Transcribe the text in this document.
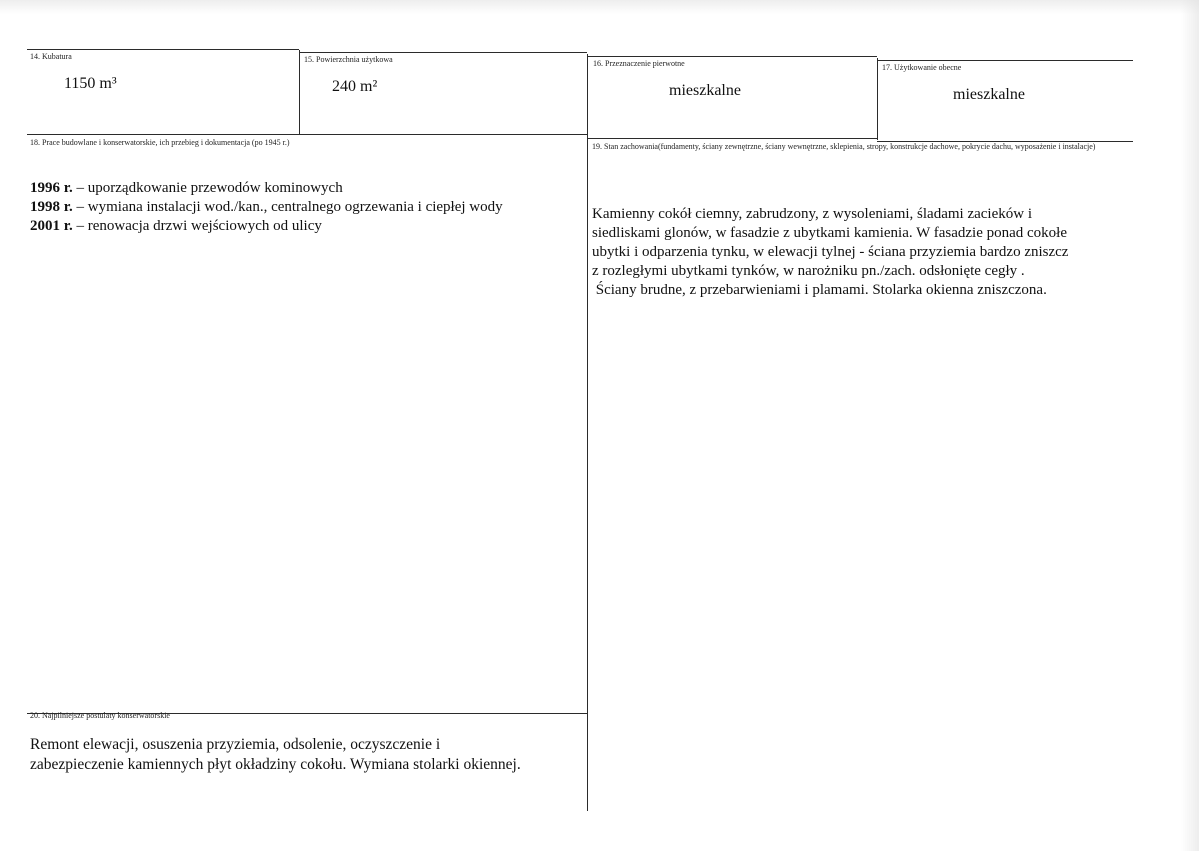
14. Kubatura
1150 m³
15. Powierzchnia użytkowa
240 m²
16. Przeznaczenie pierwotne
mieszkalne
17. Użytkowanie obecne
mieszkalne
18. Prace budowlane i konserwatorskie, ich przebieg i dokumentacja (po 1945 r.)
1996 r. – uporządkowanie przewodów kominowych
1998 r. – wymiana instalacji wod./kan., centralnego ogrzewania i ciepłej wody
2001 r. – renowacja drzwi wejściowych od ulicy
19. Stan zachowania(fundamenty, ściany zewnętrzne, ściany wewnętrzne, sklepienia, stropy, konstrukcje dachowe, pokrycie dachu, wyposażenie i instalacje)
Kamienny cokół ciemny, zabrudzony, z wysoleniami, śladami zacieków i
siedliskami glonów, w fasadzie z ubytkami kamienia. W fasadzie ponad cokołe
ubytki i odparzenia tynku, w elewacji tylnej - ściana przyziemia bardzo zniszcz
z rozległymi ubytkami tynków, w narożniku pn./zach. odsłonięte cegły .
Ściany brudne, z przebarwieniami i plamami. Stolarka okienna zniszczona.
20. Najpilniejsze postulaty konserwatorskie
Remont elewacji, osuszenia przyziemia, odsolenie, oczyszczenie i
zabezpieczenie kamiennych płyt okładziny cokołu. Wymiana stolarki okiennej.
